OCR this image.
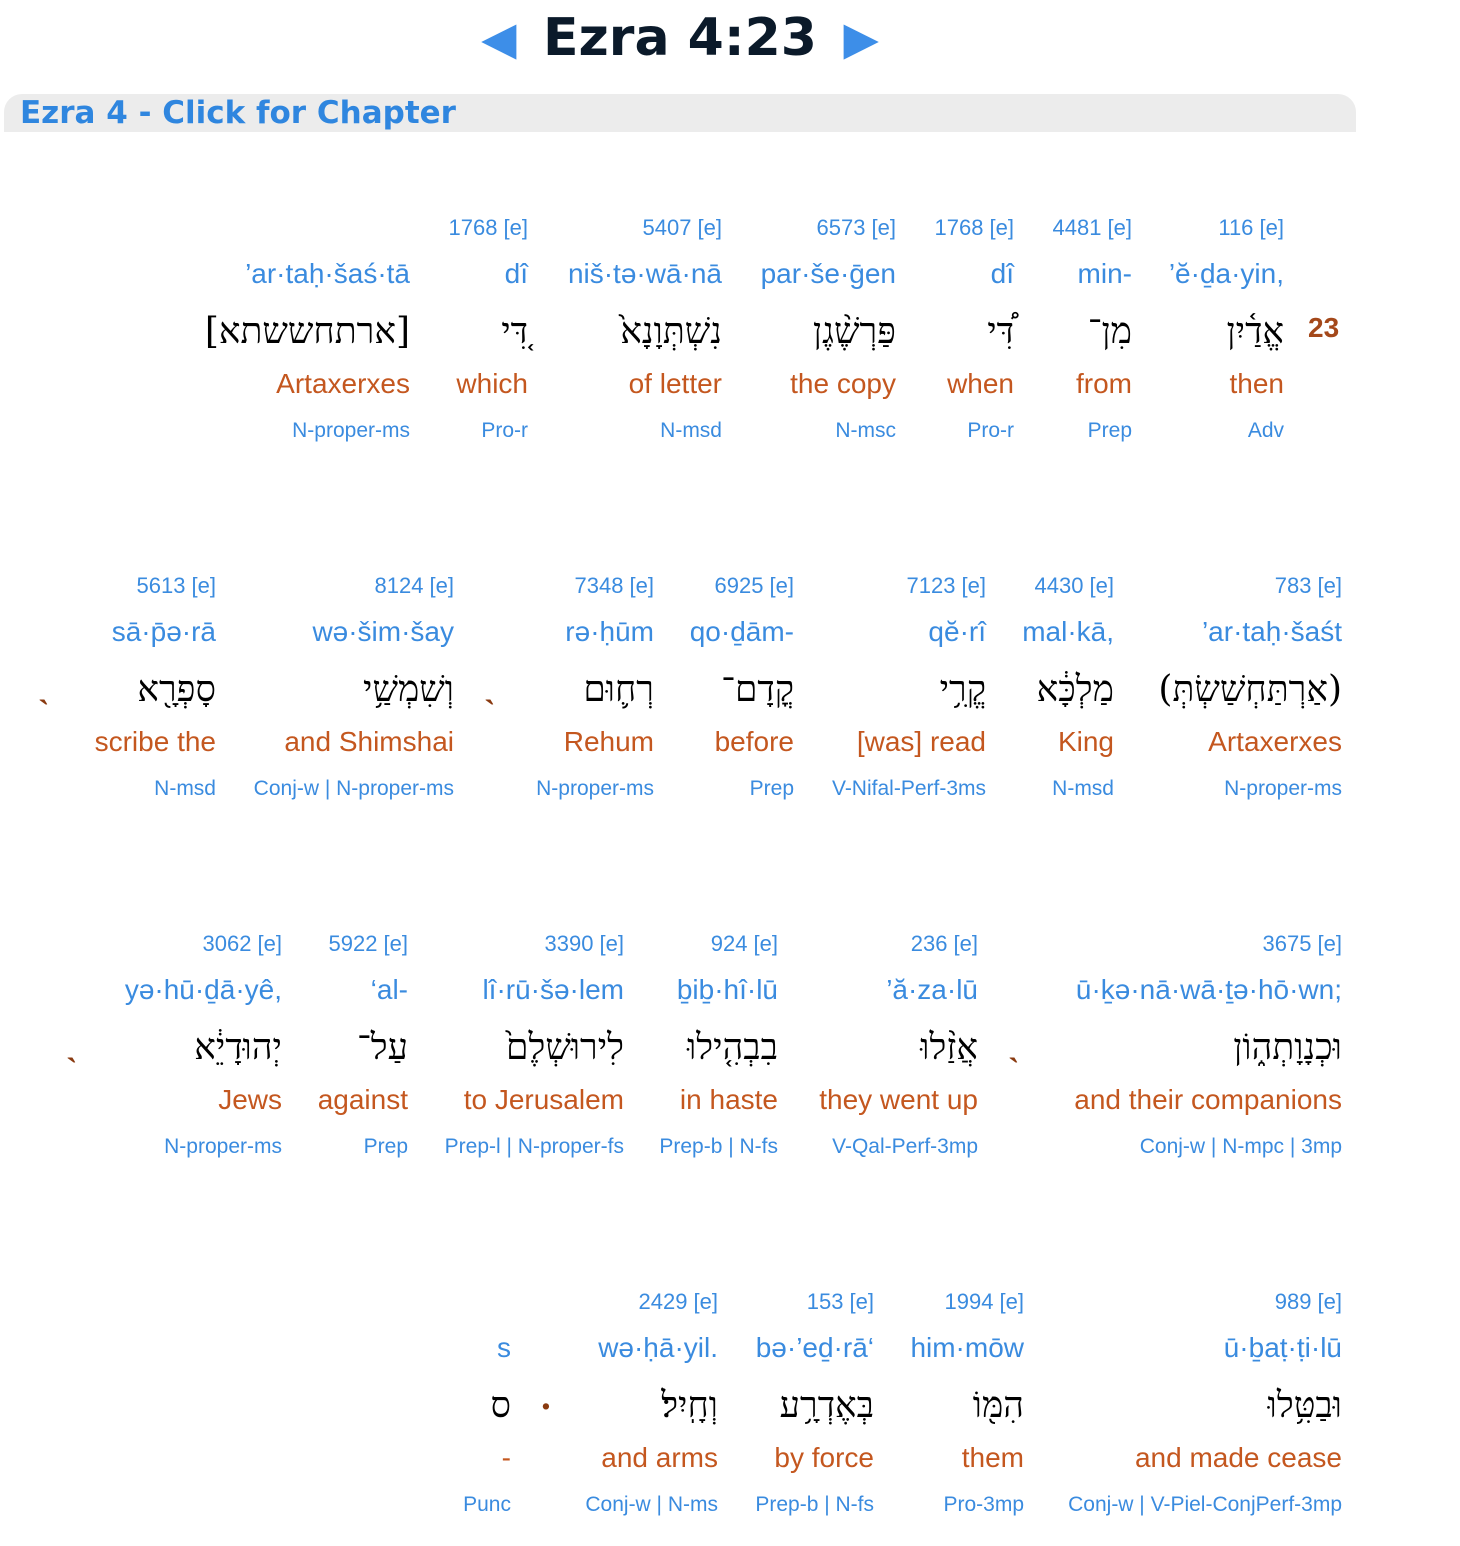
◀ Ezra 4:23 ▶
Ezra 4 - Click for Chapter
23
116 [e]
’ĕ·ḏa·yin,
אֱדַ֫יִן
then
Adv
4481 [e]
min-
מִן־
from
Prep
1768 [e]
dî
דִּ֠י
when
Pro-r
6573 [e]
par·še·ḡen
פַּרְשֶׁ֨גֶן
the copy
N-msc
5407 [e]
niš·tə·wā·nā
נִשְׁתְּוָנָא֙
of letter
N-msd
1768 [e]
dî
דִּ֚י
which
Pro-r
’ar·taḥ·šaś·tā
[ארתחששתא]
Artaxerxes
N-proper-ms
783 [e]
’ar·taḥ·šaśt
(אַרְתַּחְשַׁשְׂתְּ)
Artaxerxes
N-proper-ms
4430 [e]
mal·kā,
מַלְכָּ֔א
King
N-msd
7123 [e]
qĕ·rî
קֱרִ֥י
[was] read
V-Nifal-Perf-3ms
6925 [e]
qo·ḏām-
קֳדָם־
before
Prep
7348 [e]
rə·ḥūm
רְח֛וּם
Rehum
N-proper-ms
8124 [e]
wə·šim·šay
וְשִׁמְשַׁ֥י
and Shimshai
Conj-w | N-proper-ms
5613 [e]
sā·p̄ə·rā
סָפְרָ֖א
scribe the
N-msd
ˎ
ˎ
3675 [e]
ū·ḵə·nā·wā·ṯə·hō·wn;
וּכְנָוָתְה֑וֹן
and their companions
Conj-w | N-mpc | 3mp
236 [e]
’ă·za·lū
אֲזַ֨לוּ
they went up
V-Qal-Perf-3mp
924 [e]
ḇiḇ·hî·lū
בִבְהִ֤ילוּ
in haste
Prep-b | N-fs
3390 [e]
lî·rū·šə·lem
לִירוּשְׁלֶם֙
to Jerusalem
Prep-l | N-proper-fs
5922 [e]
‘al-
עַל־
against
Prep
3062 [e]
yə·hū·ḏā·yê,
יְהוּדָיֵ֔א
Jews
N-proper-ms
ˎ
ˎ
989 [e]
ū·ḇaṭ·ṭi·lū
וּבַטִּ֥לוּ
and made cease
Conj-w | V-Piel-ConjPerf-3mp
1994 [e]
him·mōw
הִמּ֖וֹ
them
Pro-3mp
153 [e]
bə·’eḏ·rā‘
בְּאֶדְרָ֥ע
by force
Prep-b | N-fs
2429 [e]
wə·ḥā·yil.
וְחָֽיִל׃
and arms
Conj-w | N-ms
s
ס
-
Punc
.
